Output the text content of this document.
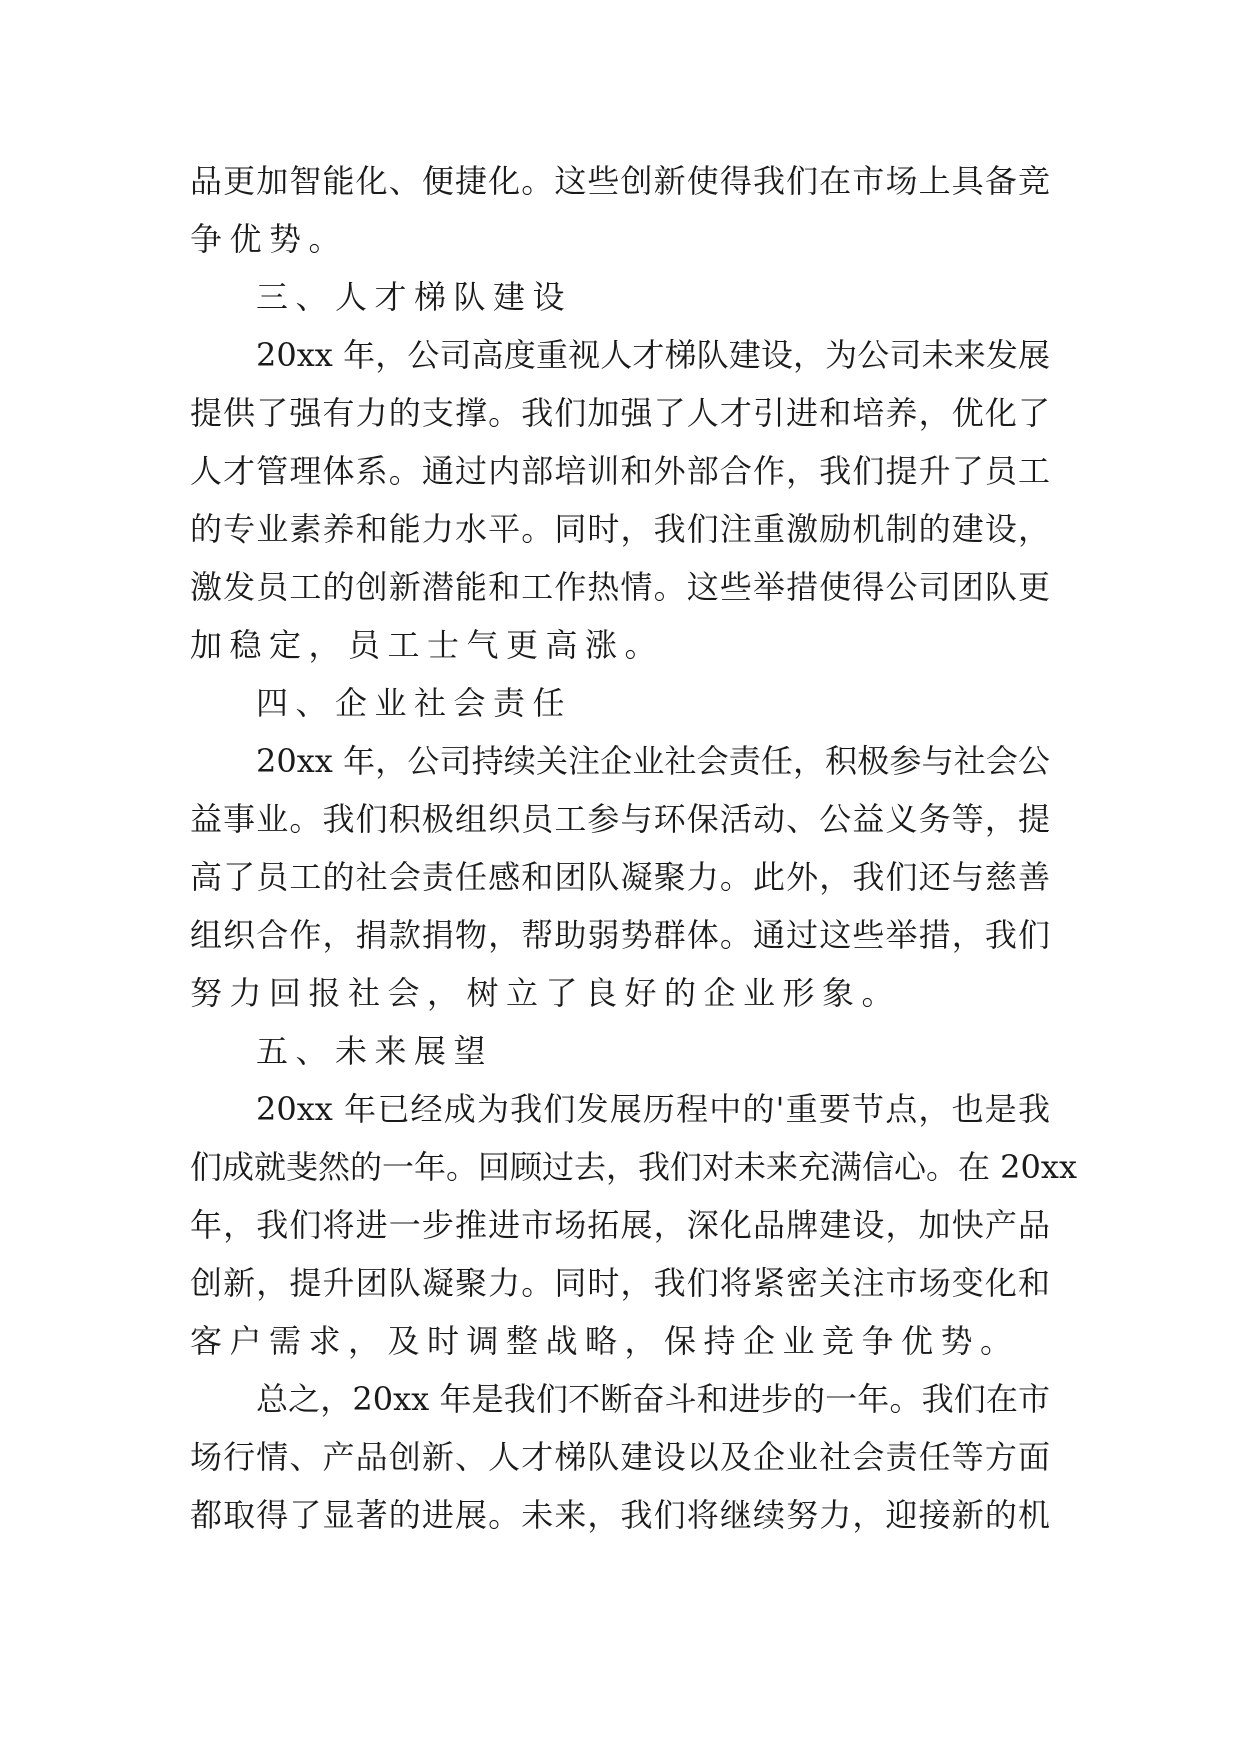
品更加智能化、便捷化。这些创新使得我们在市场上具备竞
争优势。
三、人才梯队建设
20xx 年，公司高度重视人才梯队建设，为公司未来发展
提供了强有力的支撑。我们加强了人才引进和培养，优化了
人才管理体系。通过内部培训和外部合作，我们提升了员工
的专业素养和能力水平。同时，我们注重激励机制的建设，
激发员工的创新潜能和工作热情。这些举措使得公司团队更
加稳定，员工士气更高涨。
四、企业社会责任
20xx 年，公司持续关注企业社会责任，积极参与社会公
益事业。我们积极组织员工参与环保活动、公益义务等，提
高了员工的社会责任感和团队凝聚力。此外，我们还与慈善
组织合作，捐款捐物，帮助弱势群体。通过这些举措，我们
努力回报社会，树立了良好的企业形象。
五、未来展望
20xx 年已经成为我们发展历程中的'重要节点，也是我
们成就斐然的一年。回顾过去，我们对未来充满信心。在 20xx
年，我们将进一步推进市场拓展，深化品牌建设，加快产品
创新，提升团队凝聚力。同时，我们将紧密关注市场变化和
客户需求，及时调整战略，保持企业竞争优势。
总之，20xx 年是我们不断奋斗和进步的一年。我们在市
场行情、产品创新、人才梯队建设以及企业社会责任等方面
都取得了显著的进展。未来，我们将继续努力，迎接新的机
